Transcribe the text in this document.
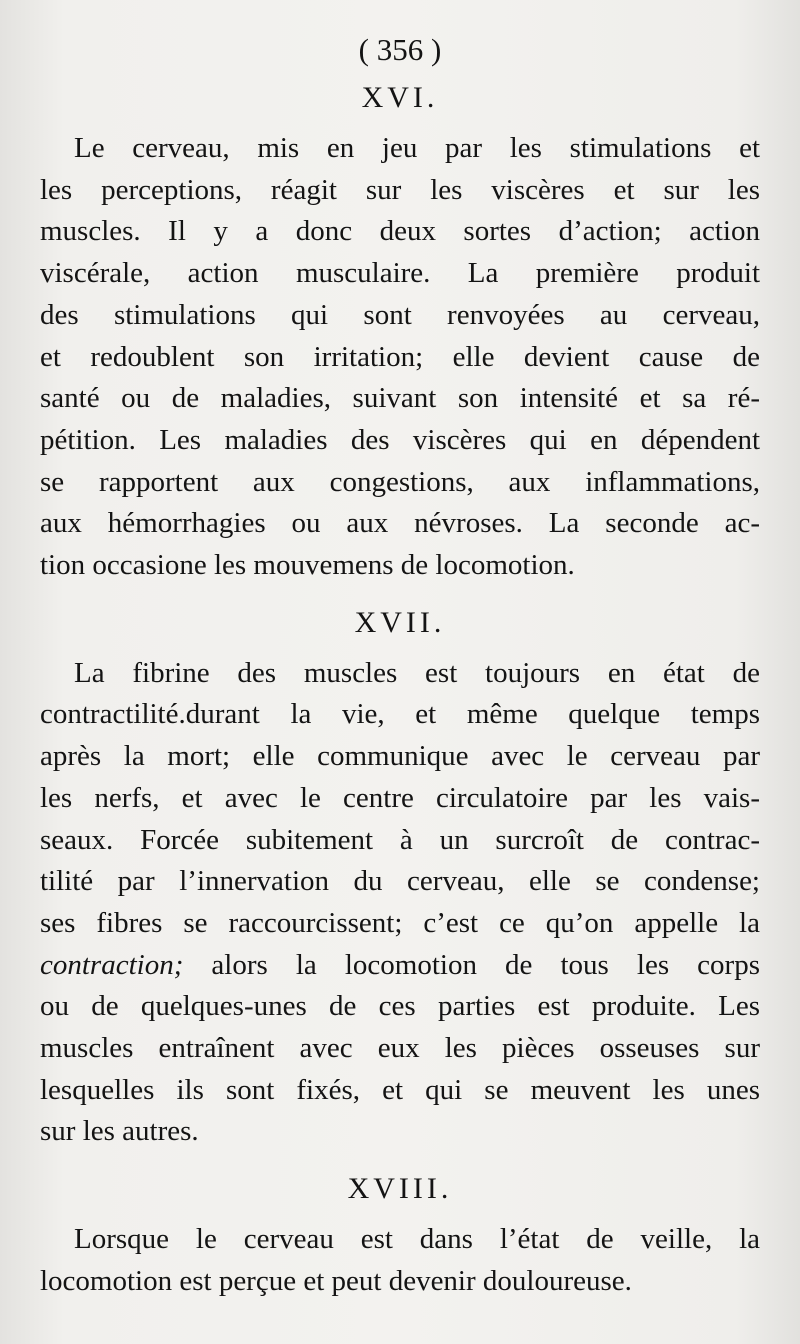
( 356 )
XVI.
Le cerveau, mis en jeu par les stimulations et
les perceptions, réagit sur les viscères et sur les
muscles. Il y a donc deux sortes d’action; action
viscérale, action musculaire. La première produit
des stimulations qui sont renvoyées au cerveau,
et redoublent son irritation; elle devient cause de
santé ou de maladies, suivant son intensité et sa ré-
pétition. Les maladies des viscères qui en dépendent
se rapportent aux congestions, aux inflammations,
aux hémorrhagies ou aux névroses. La seconde ac-
tion occasione les mouvemens de locomotion.
XVII.
La fibrine des muscles est toujours en état de
contractilité.durant la vie, et même quelque temps
après la mort; elle communique avec le cerveau par
les nerfs, et avec le centre circulatoire par les vais-
seaux. Forcée subitement à un surcroît de contrac-
tilité par l’innervation du cerveau, elle se condense;
ses fibres se raccourcissent; c’est ce qu’on appelle la
contraction; alors la locomotion de tous les corps
ou de quelques-unes de ces parties est produite. Les
muscles entraînent avec eux les pièces osseuses sur
lesquelles ils sont fixés, et qui se meuvent les unes
sur les autres.
XVIII.
Lorsque le cerveau est dans l’état de veille, la
locomotion est perçue et peut devenir douloureuse.
